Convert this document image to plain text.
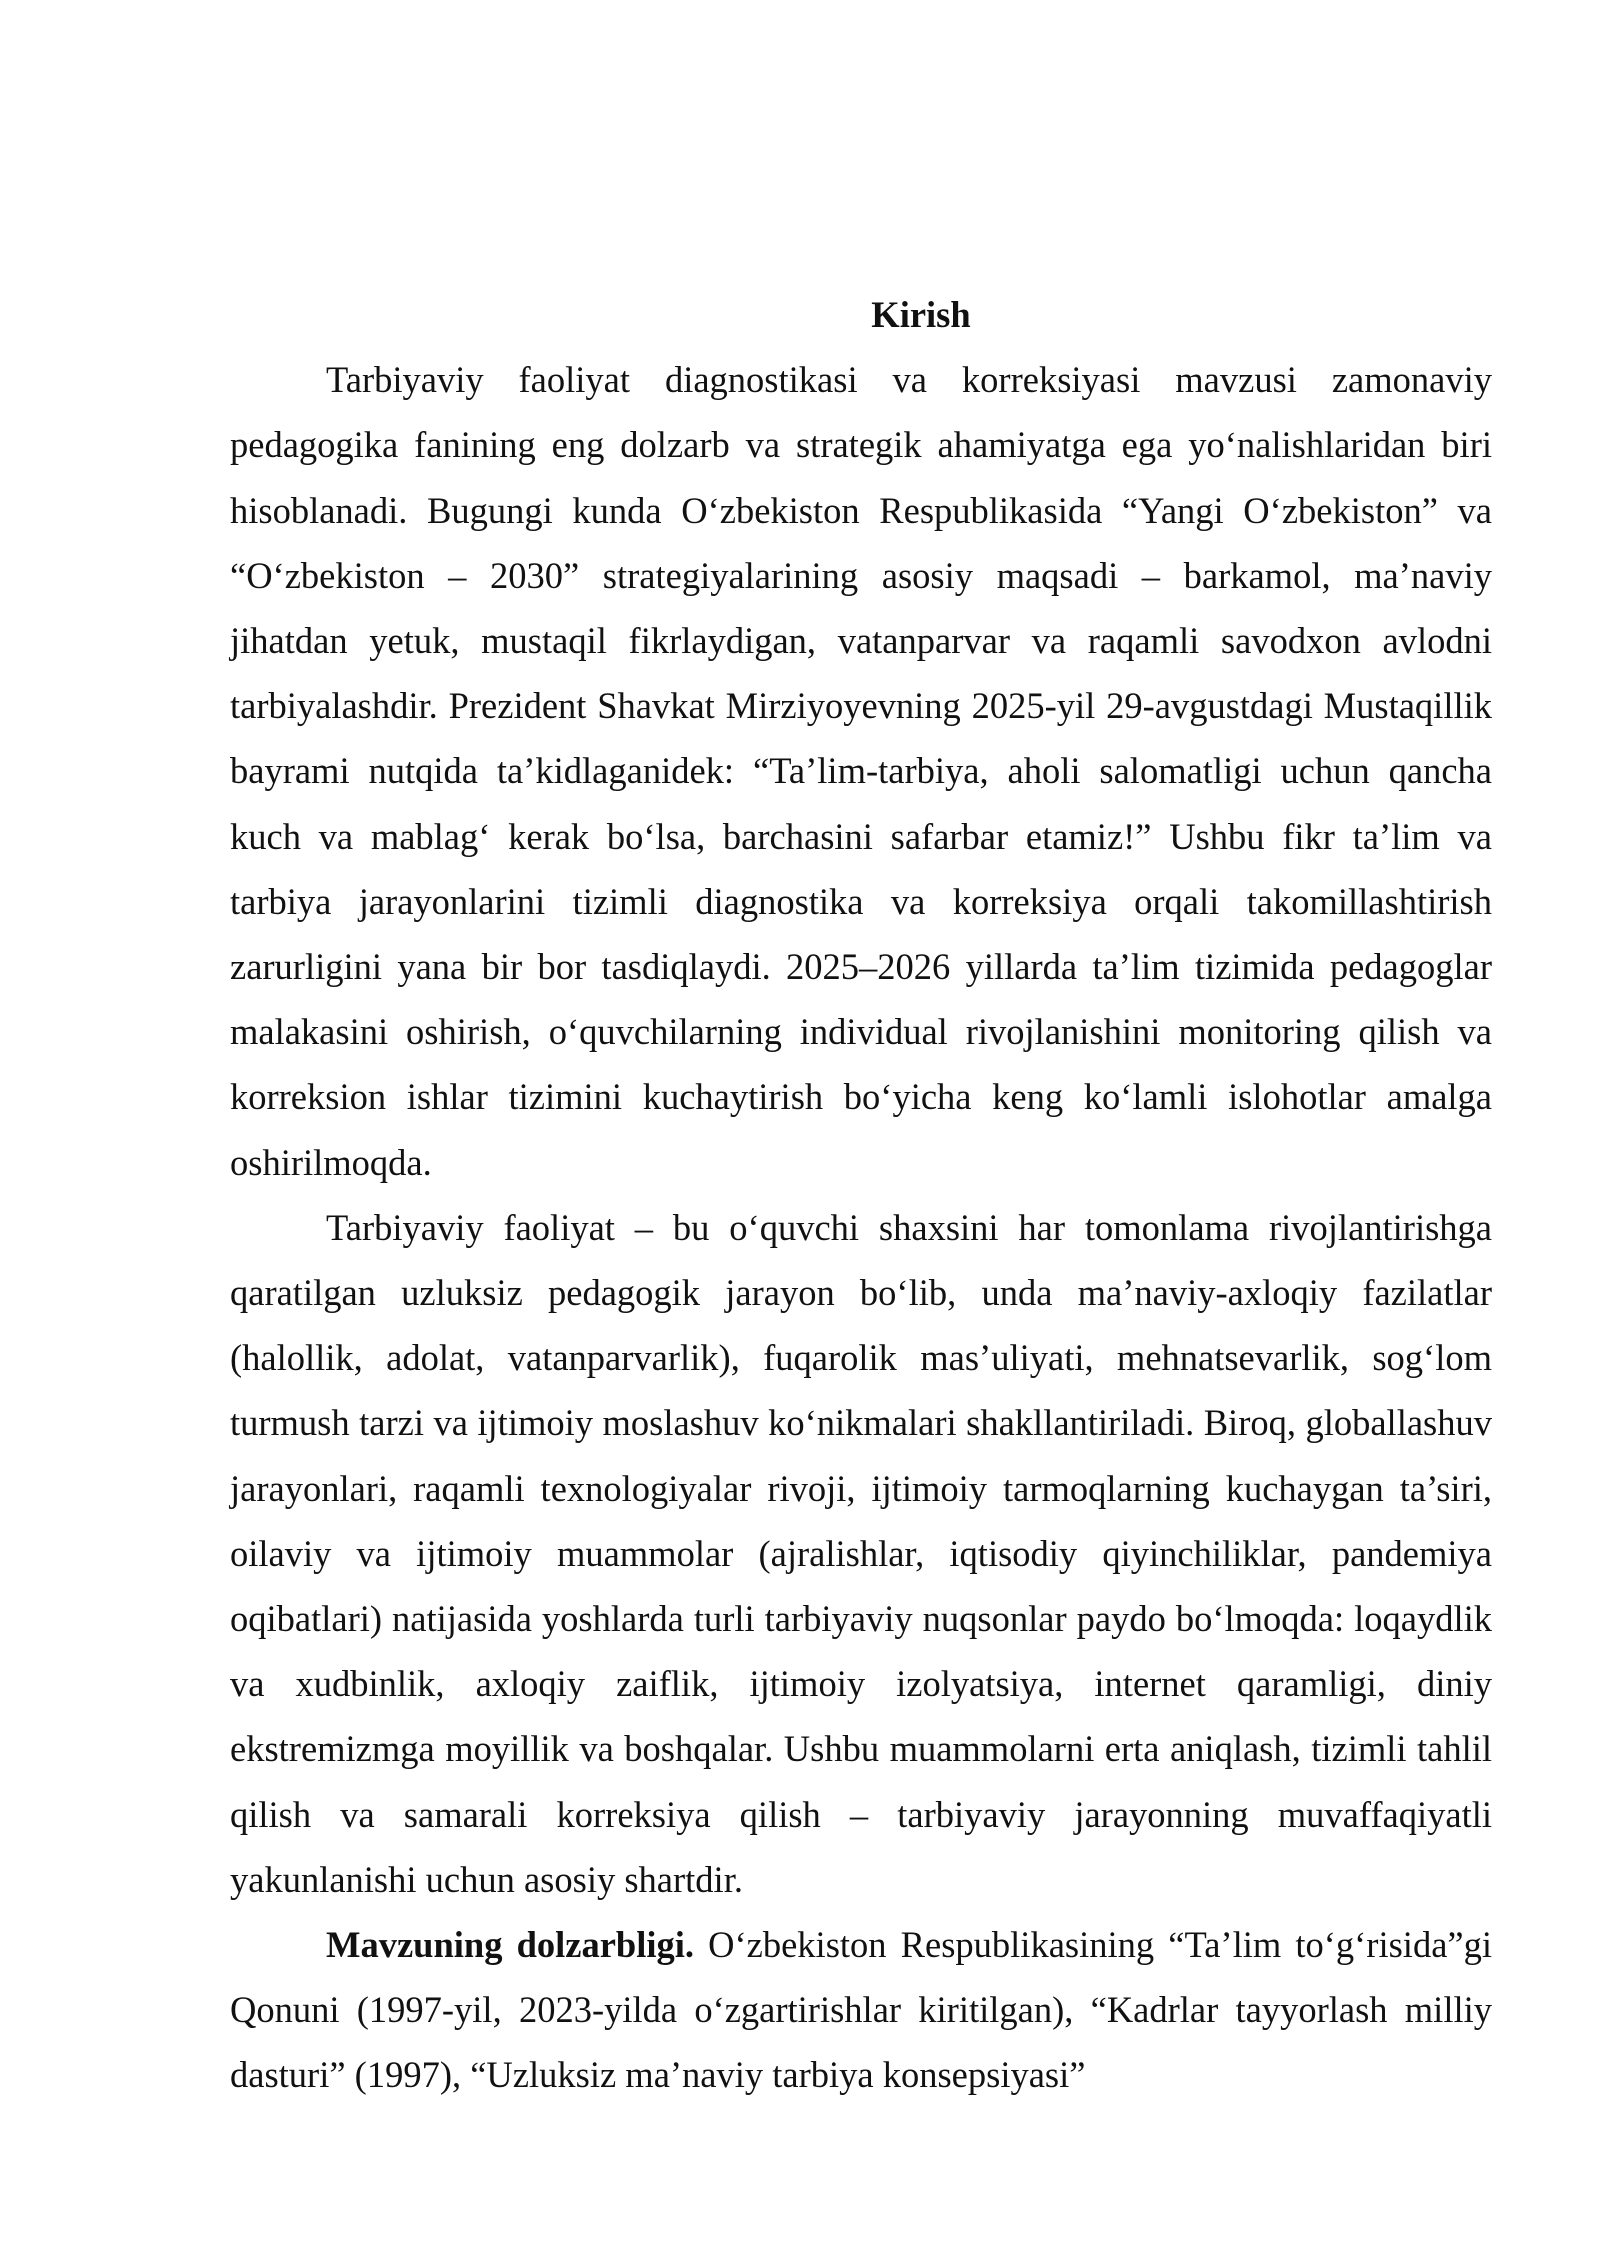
Kirish

Tarbiyaviy faoliyat diagnostikasi va korreksiyasi mavzusi zamonaviy pedagogika fanining eng dolzarb va strategik ahamiyatga ega yo‘nalishlaridan biri hisoblanadi. Bugungi kunda O‘zbekiston Respublikasida “Yangi O‘zbekiston” va “O‘zbekiston – 2030” strategiyalarining asosiy maqsadi – barkamol, ma’naviy jihatdan yetuk, mustaqil fikrlaydigan, vatanparvar va raqamli savodxon avlodni tarbiyalashdir. Prezident Shavkat Mirziyoyevning 2025-yil 29-avgustdagi Mustaqillik bayrami nutqida ta’kidlaganidek: “Ta’lim-tarbiya, aholi salomatligi uchun qancha kuch va mablag‘ kerak bo‘lsa, barchasini safarbar etamiz!” Ushbu fikr ta’lim va tarbiya jarayonlarini tizimli diagnostika va korreksiya orqali takomillashtirish zarurligini yana bir bor tasdiqlaydi. 2025–2026 yillarda ta’lim tizimida pedagoglar malakasini oshirish, o‘quvchilarning individual rivojlanishini monitoring qilish va korreksion ishlar tizimini kuchaytirish bo‘yicha keng ko‘lamli islohotlar amalga oshirilmoqda.

Tarbiyaviy faoliyat – bu o‘quvchi shaxsini har tomonlama rivojlantirishga qaratilgan uzluksiz pedagogik jarayon bo‘lib, unda ma’naviy-axloqiy fazilatlar (halollik, adolat, vatanparvarlik), fuqarolik mas’uliyati, mehnatsevarlik, sog‘lom turmush tarzi va ijtimoiy moslashuv ko‘nikmalari shakllantiriladi. Biroq, globallashuv jarayonlari, raqamli texnologiyalar rivoji, ijtimoiy tarmoqlarning kuchaygan ta’siri, oilaviy va ijtimoiy muammolar (ajralishlar, iqtisodiy qiyinchiliklar, pandemiya oqibatlari) natijasida yoshlarda turli tarbiyaviy nuqsonlar paydo bo‘lmoqda: loqaydlik va xudbinlik, axloqiy zaiflik, ijtimoiy izolyatsiya, internet qaramligi, diniy ekstremizmga moyillik va boshqalar. Ushbu muammolarni erta aniqlash, tizimli tahlil qilish va samarali korreksiya qilish – tarbiyaviy jarayonning muvaffaqiyatli yakunlanishi uchun asosiy shartdir.

Mavzuning dolzarbligi. O‘zbekiston Respublikasining “Ta’lim to‘g‘risida”gi Qonuni (1997-yil, 2023-yilda o‘zgartirishlar kiritilgan), “Kadrlar tayyorlash milliy dasturi” (1997), “Uzluksiz ma’naviy tarbiya konsepsiyasi”
